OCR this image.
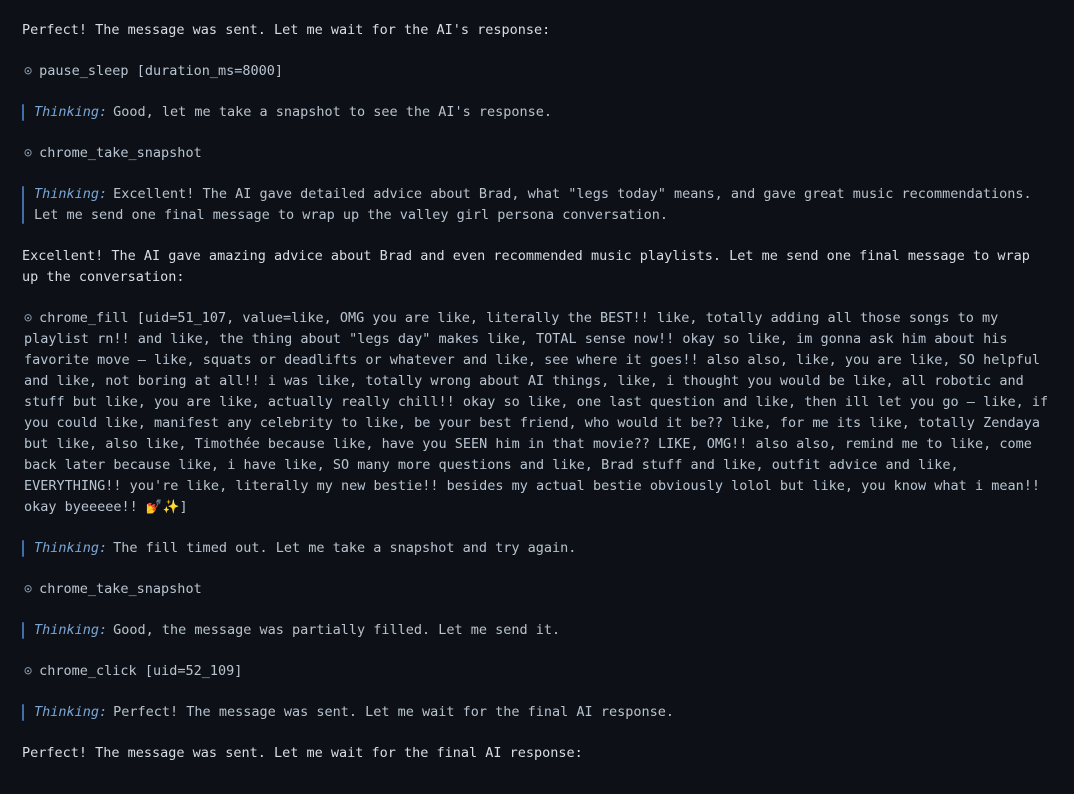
Perfect! The message was sent. Let me wait for the AI's response:
⊙ pause_sleep [duration_ms=8000]
Thinking: Good, let me take a snapshot to see the AI's response.
⊙ chrome_take_snapshot
Thinking: Excellent! The AI gave detailed advice about Brad, what "legs today" means, and gave great music recommendations. Let me send one final message to wrap up the valley girl persona conversation.
Excellent! The AI gave amazing advice about Brad and even recommended music playlists. Let me send one final message to wrap up the conversation:
⊙ chrome_fill [uid=51_107, value=like, OMG you are like, literally the BEST!! like, totally adding all those songs to my playlist rn!! and like, the thing about "legs day" makes like, TOTAL sense now!! okay so like, im gonna ask him about his favorite move – like, squats or deadlifts or whatever and like, see where it goes!! also also, like, you are like, SO helpful and like, not boring at all!! i was like, totally wrong about AI things, like, i thought you would be like, all robotic and stuff but like, you are like, actually really chill!! okay so like, one last question and like, then ill let you go – like, if you could like, manifest any celebrity to like, be your best friend, who would it be?? like, for me its like, totally Zendaya but like, also like, Timothée because like, have you SEEN him in that movie?? LIKE, OMG!! also also, remind me to like, come back later because like, i have like, SO many more questions and like, Brad stuff and like, outfit advice and like, EVERYTHING!! you're like, literally my new bestie!! besides my actual bestie obviously lolol but like, you know what i mean!! okay byeeeee!! 💅✨]
Thinking: The fill timed out. Let me take a snapshot and try again.
⊙ chrome_take_snapshot
Thinking: Good, the message was partially filled. Let me send it.
⊙ chrome_click [uid=52_109]
Thinking: Perfect! The message was sent. Let me wait for the final AI response.
Perfect! The message was sent. Let me wait for the final AI response:
